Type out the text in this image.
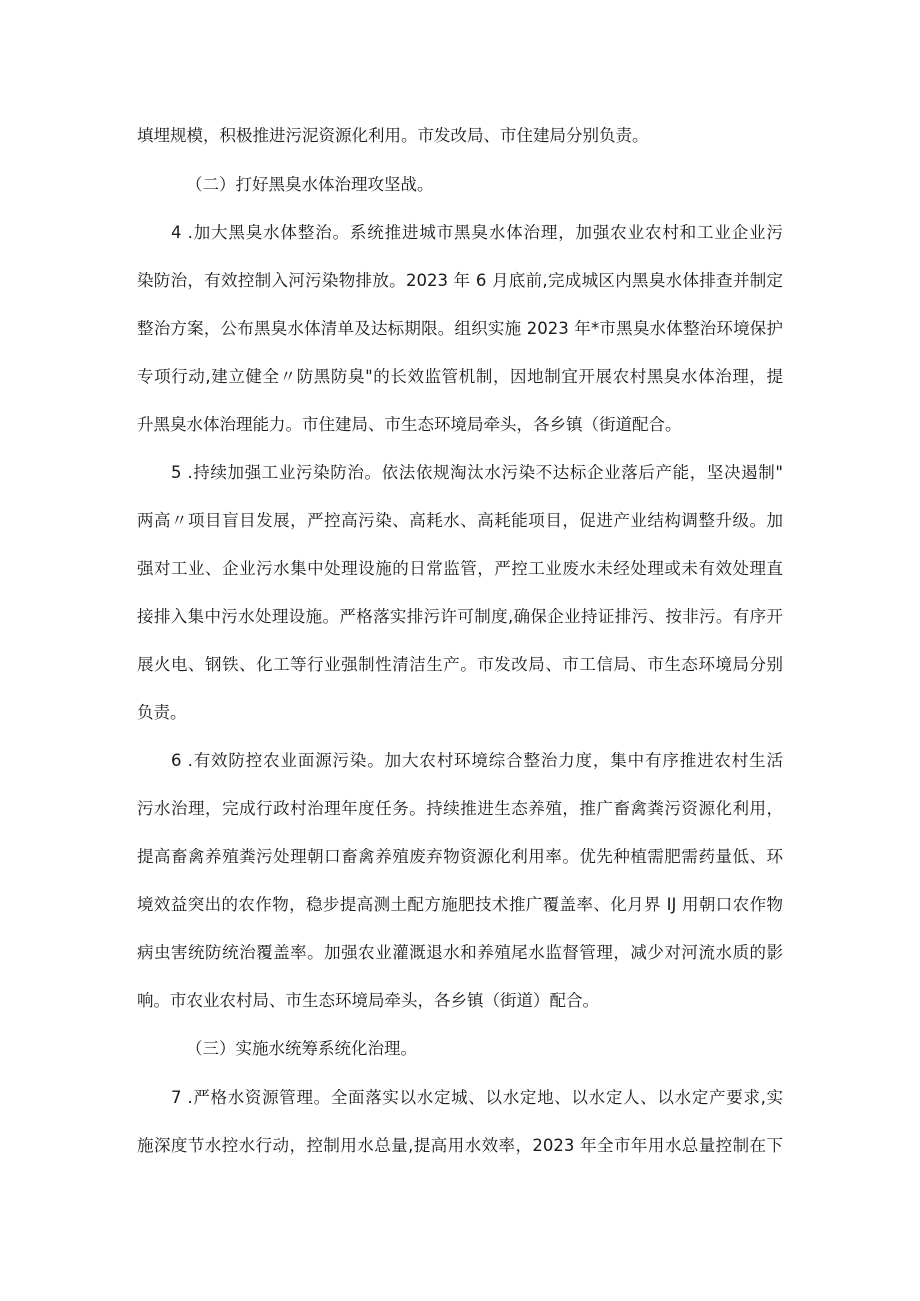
填埋规模，积极推进污泥资源化利用。市发改局、市住建局分别负责。

（二）打好黑臭水体治理攻坚战。

4 .加大黑臭水体整治。系统推进城市黑臭水体治理，加强农业农村和工业企业污

染防治，有效控制入河污染物排放。2023 年 6 月底前,完成城区内黑臭水体排查并制定

整治方案，公布黑臭水体清单及达标期限。组织实施 2023 年*市黑臭水体整治环境保护

专项行动,建立健全〃防黑防臭"的长效监管机制，因地制宜开展农村黑臭水体治理，提

升黑臭水体治理能力。市住建局、市生态环境局牵头，各乡镇（街道配合。

5 .持续加强工业污染防治。依法依规淘汰水污染不达标企业落后产能，坚决遏制"

两高〃项目盲目发展，严控高污染、高耗水、高耗能项目，促进产业结构调整升级。加

强对工业、企业污水集中处理设施的日常监管，严控工业废水未经处理或未有效处理直

接排入集中污水处理设施。严格落实排污许可制度,确保企业持证排污、按非污。有序开

展火电、钢铁、化工等行业强制性清洁生产。市发改局、市工信局、市生态环境局分别

负责。

6 .有效防控农业面源污染。加大农村环境综合整治力度，集中有序推进农村生活

污水治理，完成行政村治理年度任务。持续推进生态养殖，推广畜禽粪污资源化利用，

提高畜禽养殖粪污处理朝口畜禽养殖废弃物资源化利用率。优先种植需肥需药量低、环

境效益突出的农作物，稳步提高测土配方施肥技术推广覆盖率、化月界 IJ 用朝口农作物

病虫害统防统治覆盖率。加强农业灌溉退水和养殖尾水监督管理，减少对河流水质的影

响。市农业农村局、市生态环境局牵头，各乡镇（街道）配合。

（三）实施水统筹系统化治理。

7 .严格水资源管理。全面落实以水定城、以水定地、以水定人、以水定产要求,实

施深度节水控水行动，控制用水总量,提高用水效率，2023 年全市年用水总量控制在下
